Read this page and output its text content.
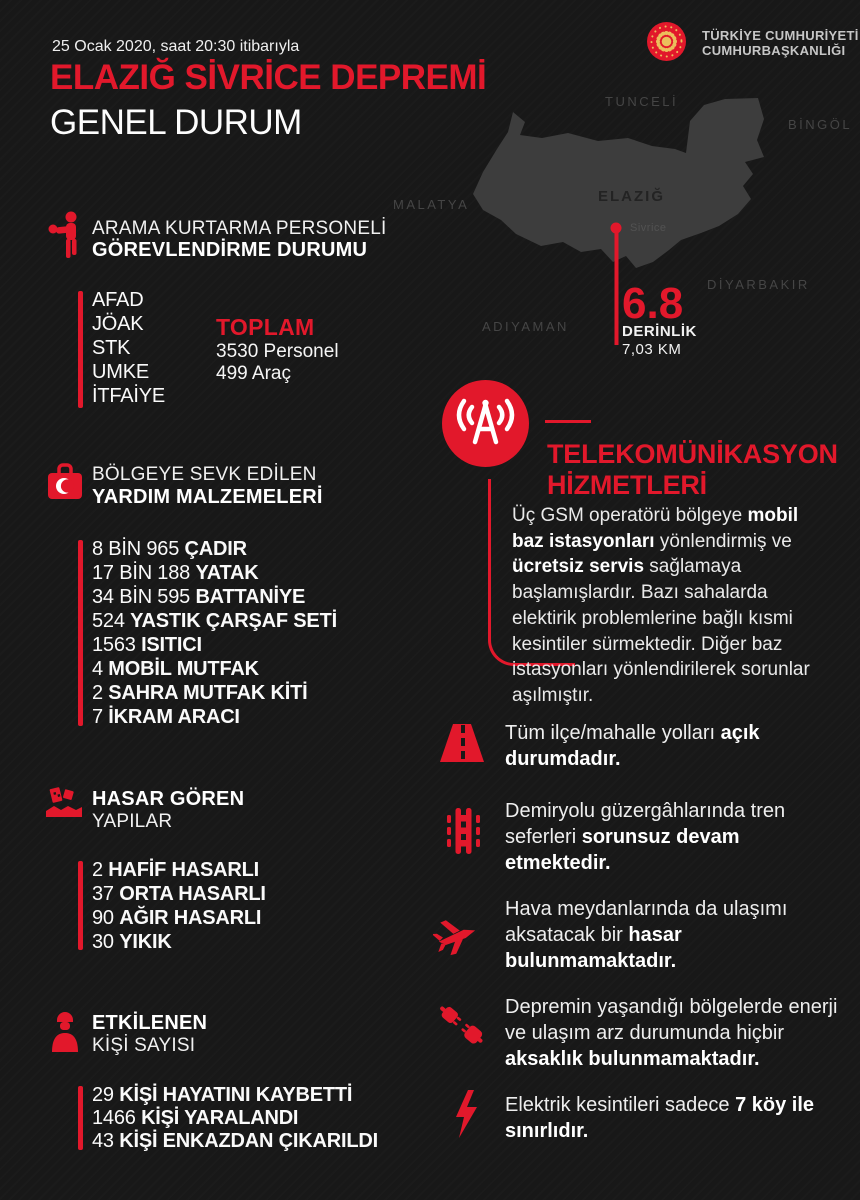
25 Ocak 2020, saat 20:30 itibarıyla
ELAZIĞ SİVRİCE DEPREMİ
GENEL DURUM
TÜRKİYE CUMHURİYETİ
CUMHURBAŞKANLIĞI
TUNCELİ
BİNGÖL
MALATYA
DİYARBAKIR
ADIYAMAN
ELAZIĞ
Sivrice
6.8
DERİNLİK
7,03 KM
ARAMA KURTARMA PERSONELİ
GÖREVLENDİRME DURUMU
AFAD
JÖAK
STK
UMKE
İTFAİYE
TOPLAM
3530 Personel
499 Araç
BÖLGEYE SEVK EDİLEN
YARDIM MALZEMELERİ
8 BİN 965 ÇADIR
17 BİN 188 YATAK
34 BİN 595 BATTANİYE
524 YASTIK ÇARŞAF SETİ
1563 ISITICI
4 MOBİL MUTFAK
2 SAHRA MUTFAK KİTİ
7 İKRAM ARACI
HASAR GÖREN
YAPILAR
2 HAFİF HASARLI
37 ORTA HASARLI
90 AĞIR HASARLI
30 YIKIK
ETKİLENEN
KİŞİ SAYISI
29 KİŞİ HAYATINI KAYBETTİ
1466 KİŞİ YARALANDI
43 KİŞİ ENKAZDAN ÇIKARILDI
TELEKOMÜNİKASYON
HİZMETLERİ
Üç GSM operatörü bölgeye mobil baz istasyonları yönlendirmiş ve ücretsiz servis sağlamaya başlamışlardır. Bazı sahalarda elektirik problemlerine bağlı kısmi kesintiler sürmektedir. Diğer baz istasyonları yönlendirilerek sorunlar aşılmıştır.
Tüm ilçe/mahalle yolları açık durumdadır.
Demiryolu güzergâhlarında tren seferleri sorunsuz devam etmektedir.
Hava meydanlarında da ulaşımı aksatacak bir hasar bulunmamaktadır.
Depremin yaşandığı bölgelerde enerji ve ulaşım arz durumunda hiçbir aksaklık bulunmamaktadır.
Elektrik kesintileri sadece 7 köy ile sınırlıdır.
